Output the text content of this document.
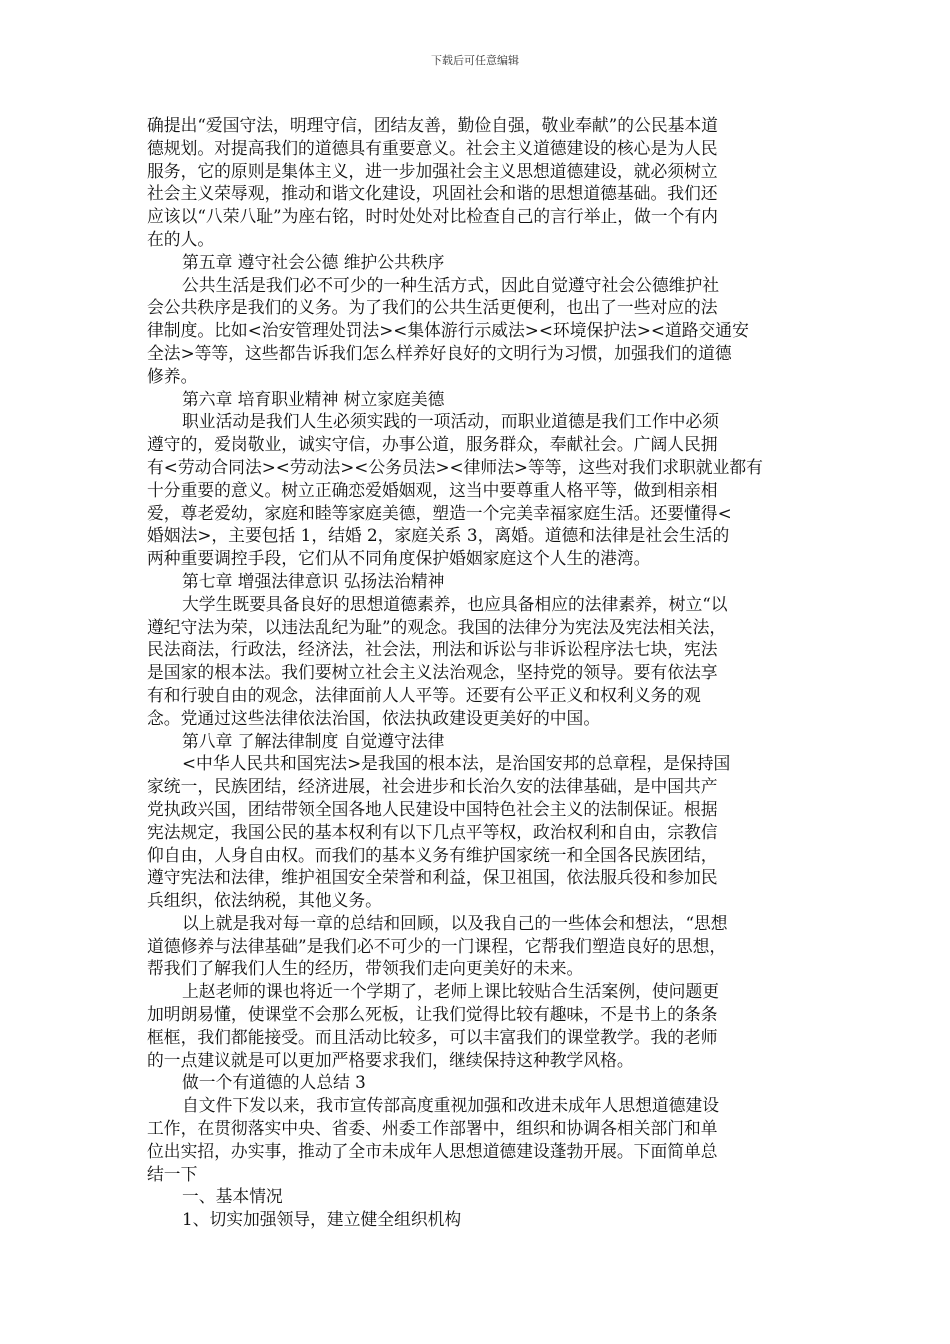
下载后可任意编辑
确提出“爱国守法，明理守信，团结友善，勤俭自强，敬业奉献”的公民基本道
德规划。对提高我们的道德具有重要意义。社会主义道德建设的核心是为人民
服务，它的原则是集体主义，进一步加强社会主义思想道德建设，就必须树立
社会主义荣辱观，推动和谐文化建设，巩固社会和谐的思想道德基础。我们还
应该以“八荣八耻”为座右铭，时时处处对比检查自己的言行举止，做一个有内
在的人。
第五章 遵守社会公德 维护公共秩序
公共生活是我们必不可少的一种生活方式，因此自觉遵守社会公德维护社
会公共秩序是我们的义务。为了我们的公共生活更便利，也出了一些对应的法
律制度。比如<治安管理处罚法><集体游行示威法><环境保护法><道路交通安
全法>等等，这些都告诉我们怎么样养好良好的文明行为习惯，加强我们的道德
修养。
第六章 培育职业精神 树立家庭美德
职业活动是我们人生必须实践的一项活动，而职业道德是我们工作中必须
遵守的，爱岗敬业，诚实守信，办事公道，服务群众，奉献社会。广阔人民拥
有<劳动合同法><劳动法><公务员法><律师法>等等，这些对我们求职就业都有
十分重要的意义。树立正确恋爱婚姻观，这当中要尊重人格平等，做到相亲相
爱，尊老爱幼，家庭和睦等家庭美德，塑造一个完美幸福家庭生活。还要懂得<
婚姻法>，主要包括 1，结婚 2，家庭关系 3，离婚。道德和法律是社会生活的
两种重要调控手段，它们从不同角度保护婚姻家庭这个人生的港湾。
第七章 增强法律意识 弘扬法治精神
大学生既要具备良好的思想道德素养，也应具备相应的法律素养，树立“以
遵纪守法为荣，以违法乱纪为耻”的观念。我国的法律分为宪法及宪法相关法，
民法商法，行政法，经济法，社会法，刑法和诉讼与非诉讼程序法七块，宪法
是国家的根本法。我们要树立社会主义法治观念，坚持党的领导。要有依法享
有和行驶自由的观念，法律面前人人平等。还要有公平正义和权利义务的观
念。党通过这些法律依法治国，依法执政建设更美好的中国。
第八章 了解法律制度 自觉遵守法律
<中华人民共和国宪法>是我国的根本法，是治国安邦的总章程，是保持国
家统一，民族团结，经济进展，社会进步和长治久安的法律基础，是中国共产
党执政兴国，团结带领全国各地人民建设中国特色社会主义的法制保证。根据
宪法规定，我国公民的基本权利有以下几点平等权，政治权利和自由，宗教信
仰自由，人身自由权。而我们的基本义务有维护国家统一和全国各民族团结，
遵守宪法和法律，维护祖国安全荣誉和利益，保卫祖国，依法服兵役和参加民
兵组织，依法纳税，其他义务。
以上就是我对每一章的总结和回顾，以及我自己的一些体会和想法，“思想
道德修养与法律基础”是我们必不可少的一门课程，它帮我们塑造良好的思想，
帮我们了解我们人生的经历，带领我们走向更美好的未来。
上赵老师的课也将近一个学期了，老师上课比较贴合生活案例，使问题更
加明朗易懂，使课堂不会那么死板，让我们觉得比较有趣味，不是书上的条条
框框，我们都能接受。而且活动比较多，可以丰富我们的课堂教学。我的老师
的一点建议就是可以更加严格要求我们，继续保持这种教学风格。
做一个有道德的人总结 3
自文件下发以来，我市宣传部高度重视加强和改进未成年人思想道德建设
工作，在贯彻落实中央、省委、州委工作部署中，组织和协调各相关部门和单
位出实招，办实事，推动了全市未成年人思想道德建设蓬勃开展。下面简单总
结一下
一、基本情况
1、切实加强领导，建立健全组织机构
